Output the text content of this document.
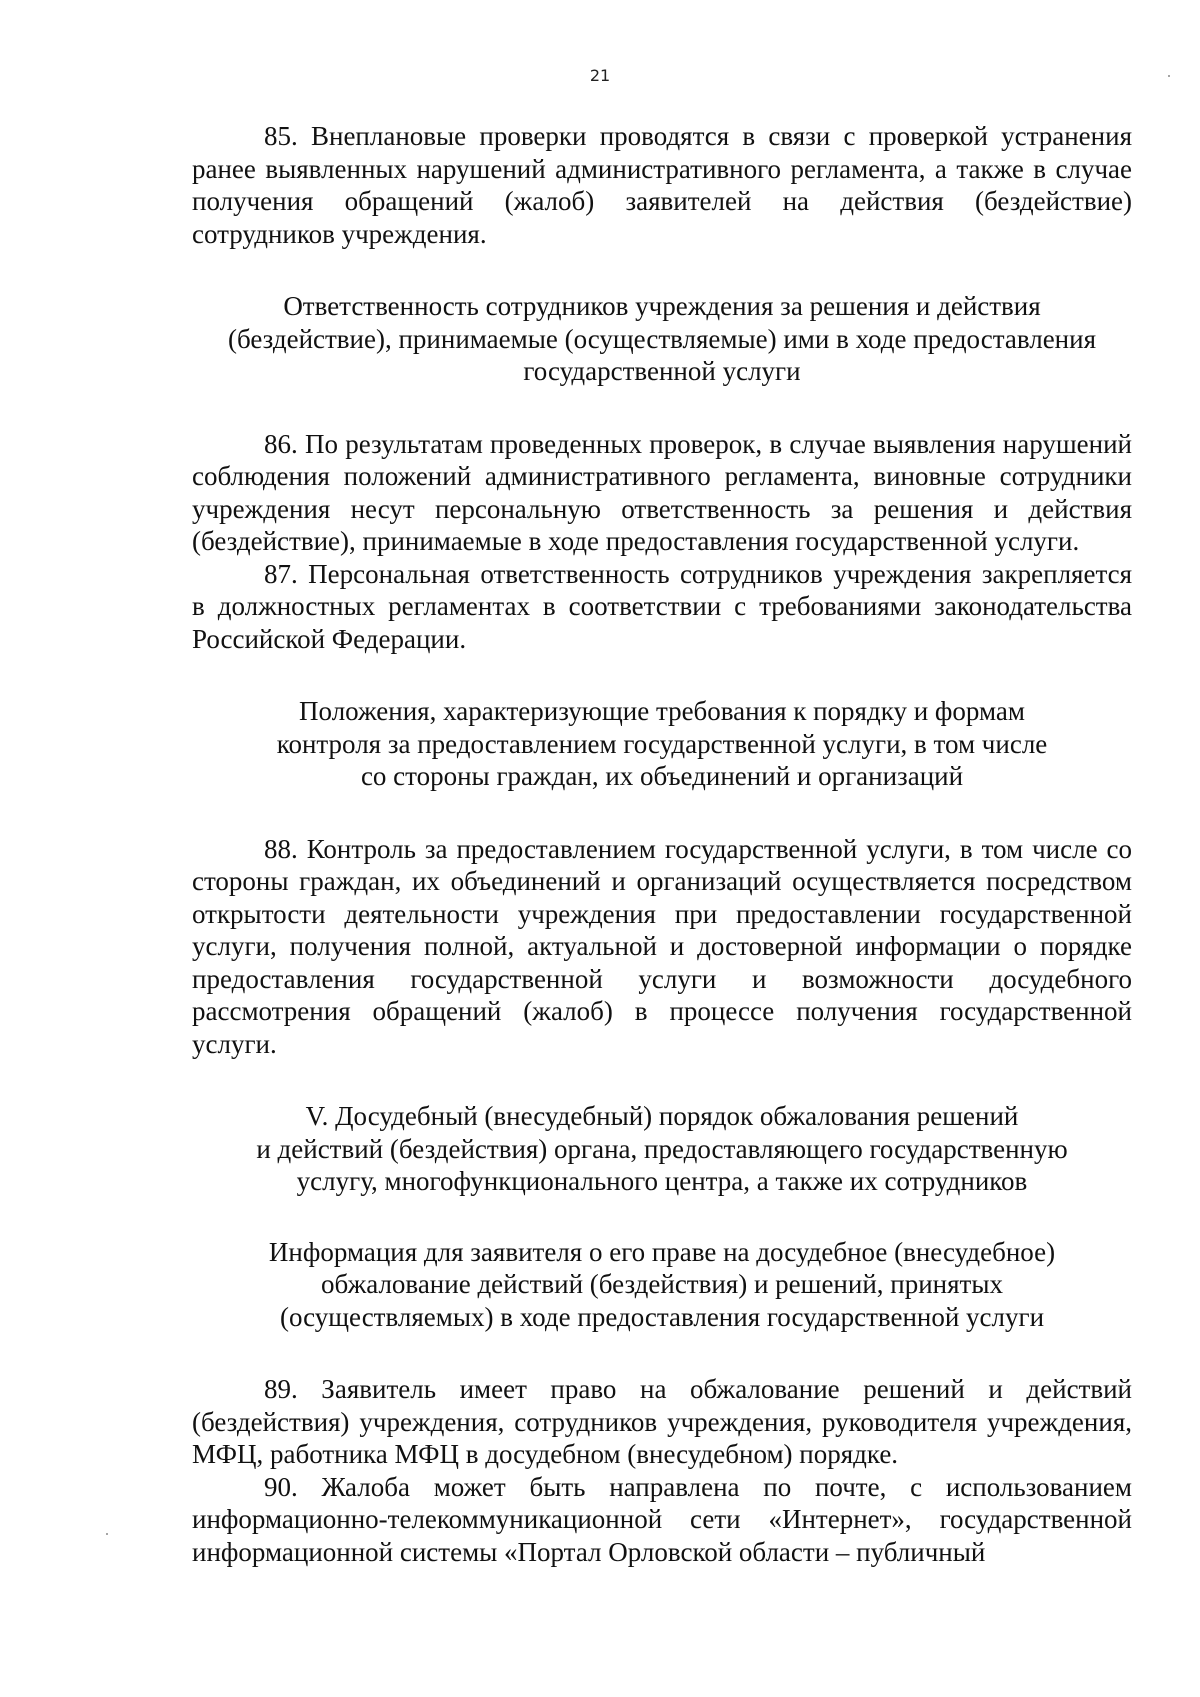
21

85. Внеплановые проверки проводятся в связи с проверкой устранения ранее выявленных нарушений административного регламента, а также в случае получения обращений (жалоб) заявителей на действия (бездействие) сотрудников учреждения.

Ответственность сотрудников учреждения за решения и действия
(бездействие), принимаемые (осуществляемые) ими в ходе предоставления
государственной услуги

86. По результатам проведенных проверок, в случае выявления нарушений соблюдения положений административного регламента, виновные сотрудники учреждения несут персональную ответственность за решения и действия (бездействие), принимаемые в ходе предоставления государственной услуги.

87. Персональная ответственность сотрудников учреждения закрепляется в должностных регламентах в соответствии с требованиями законодательства Российской Федерации.

Положения, характеризующие требования к порядку и формам
контроля за предоставлением государственной услуги, в том числе
со стороны граждан, их объединений и организаций

88. Контроль за предоставлением государственной услуги, в том числе со стороны граждан, их объединений и организаций осуществляется посредством открытости деятельности учреждения при предоставлении государственной услуги, получения полной, актуальной и достоверной информации о порядке предоставления государственной услуги и возможности досудебного рассмотрения обращений (жалоб) в процессе получения государственной услуги.

V. Досудебный (внесудебный) порядок обжалования решений
и действий (бездействия) органа, предоставляющего государственную
услугу, многофункционального центра, а также их сотрудников
Информация для заявителя о его праве на досудебное (внесудебное)
обжалование действий (бездействия) и решений, принятых
(осуществляемых) в ходе предоставления государственной услуги

89. Заявитель имеет право на обжалование решений и действий (бездействия) учреждения, сотрудников учреждения, руководителя учреждения, МФЦ, работника МФЦ в досудебном (внесудебном) порядке.

90. Жалоба может быть направлена по почте, с использованием информационно-телекоммуникационной сети «Интернет», государственной информационной системы «Портал Орловской области – публичный
